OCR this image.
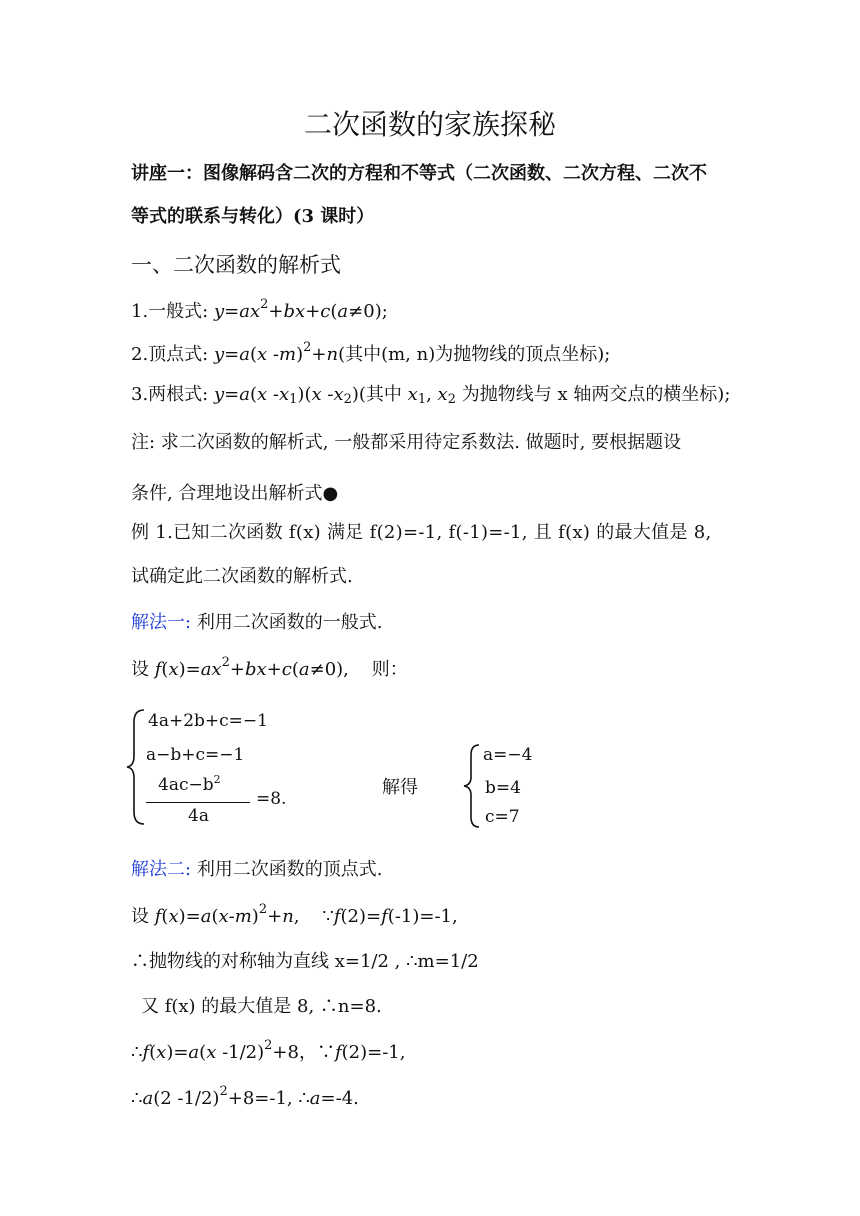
二次函数的家族探秘
讲座一：图像解码含二次的方程和不等式（二次函数、二次方程、二次不
等式的联系与转化）(3 课时）
一、二次函数的解析式
1.一般式: $y=ax^2+bx+c(a\ne 0)$;
2.顶点式: y=a(x -m)$^2$+n(其中(m, n)为抛物线的顶点坐标);
3.两根式: y=a(x $-x_1)(x$ $-x_2$)(其中 $x_1$, $x_2$ 为抛物线与 x 轴两交点的横坐标);
注: 求二次函数的解析式, 一般都采用待定系数法. 做题时, 要根据题设
条件, 合理地设出解析式●
例 1.已知二次函数 f(x) 满足 f(2)=-1, f(-1)=-1, 且 f(x) 的最大值是 8,
试确定此二次函数的解析式.
解法一: 利用二次函数的一般式.
设 $f(x)=ax^2+bx+c(a\ne 0)$,    则：
4a+2b+c=−1
a−b+c=−1
$4ac-b^2$
4a
=8.
解得
a=−4
b=4
c=7
解法二: 利用二次函数的顶点式.
设 $f(x)=a(x-m)^2+n$,    ∵f(2)=f(-1)=-1,
∴抛物线的对称轴为直线 x=1/2 , ∴m=1/2
又 f(x) 的最大值是 8, ∴n=8.
∴f(x)=a(x -1/2)$^2$+8，∵f(2)=-1,
∴a(2 -1/2)$^2$+8=-1, ∴a=-4.
